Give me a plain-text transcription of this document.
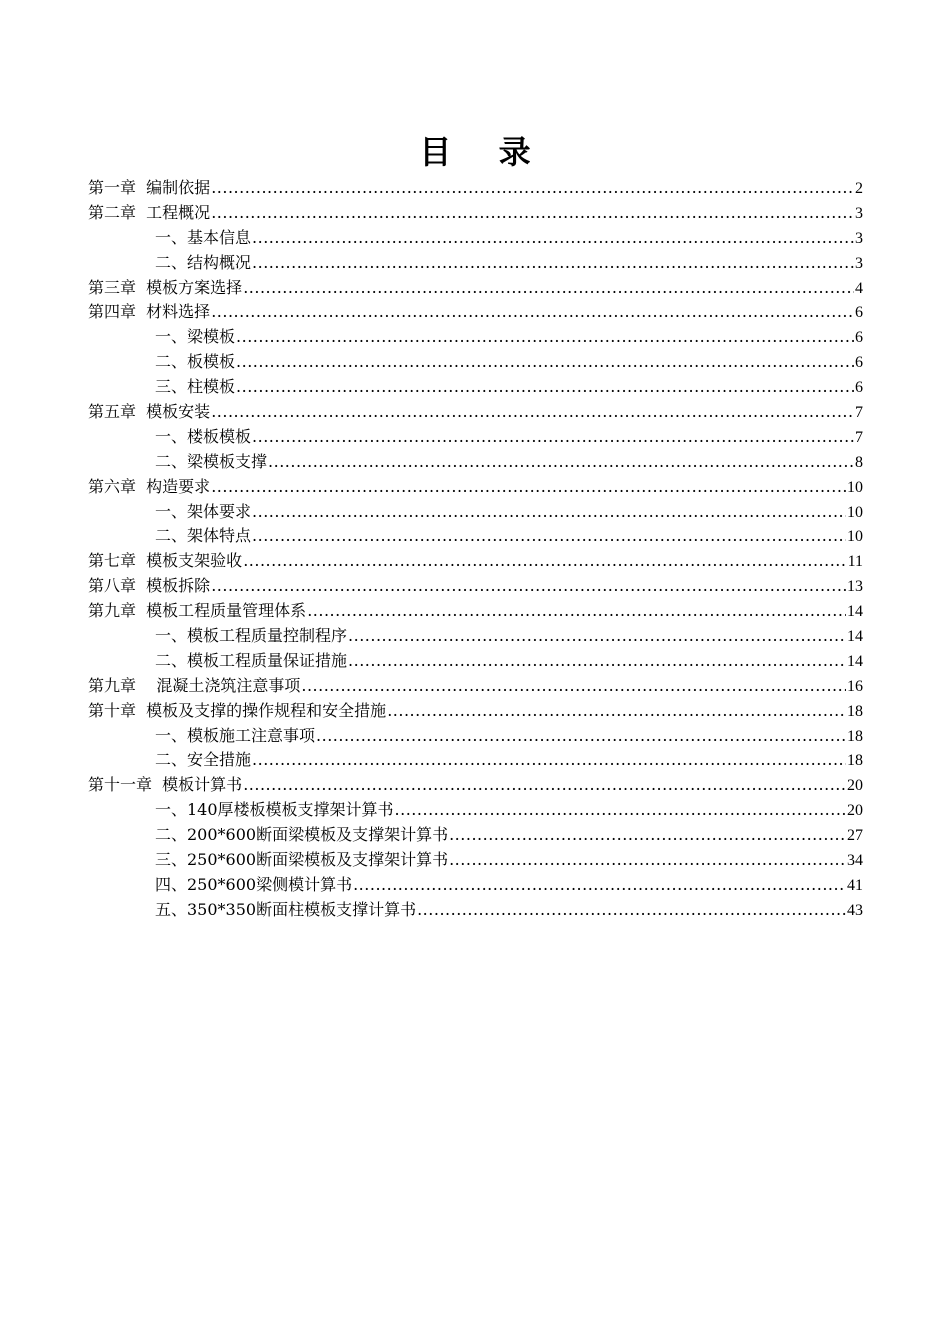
目 录
第一章  编制依据 .....	2
第二章  工程概况 .....	3
一、基本信息 .....	3
二、结构概况 .....	3
第三章  模板方案选择 .....	4
第四章  材料选择 .....	6
一、梁模板 .....	6
二、板模板 .....	6
三、柱模板 .....	6
第五章  模板安装 .....	7
一、楼板模板 .....	7
二、梁模板支撑 .....	8
第六章  构造要求 .....	10
一、架体要求 .....	10
二、架体特点 .....	10
第七章  模板支架验收 .....	11
第八章  模板拆除 .....	13
第九章  模板工程质量管理体系 .....	14
一、模板工程质量控制程序 .....	14
二、模板工程质量保证措施 .....	14
第九章    混凝土浇筑注意事项 .....	16
第十章  模板及支撑的操作规程和安全措施 .....	18
一、模板施工注意事项 .....	18
二、安全措施 .....	18
第十一章  模板计算书 .....	20
一、140厚楼板模板支撑架计算书 .....	20
二、200*600断面梁模板及支撑架计算书 .....	27
三、250*600断面梁模板及支撑架计算书 .....	34
四、250*600梁侧模计算书 .....	41
五、350*350断面柱模板支撑计算书 .....	43
